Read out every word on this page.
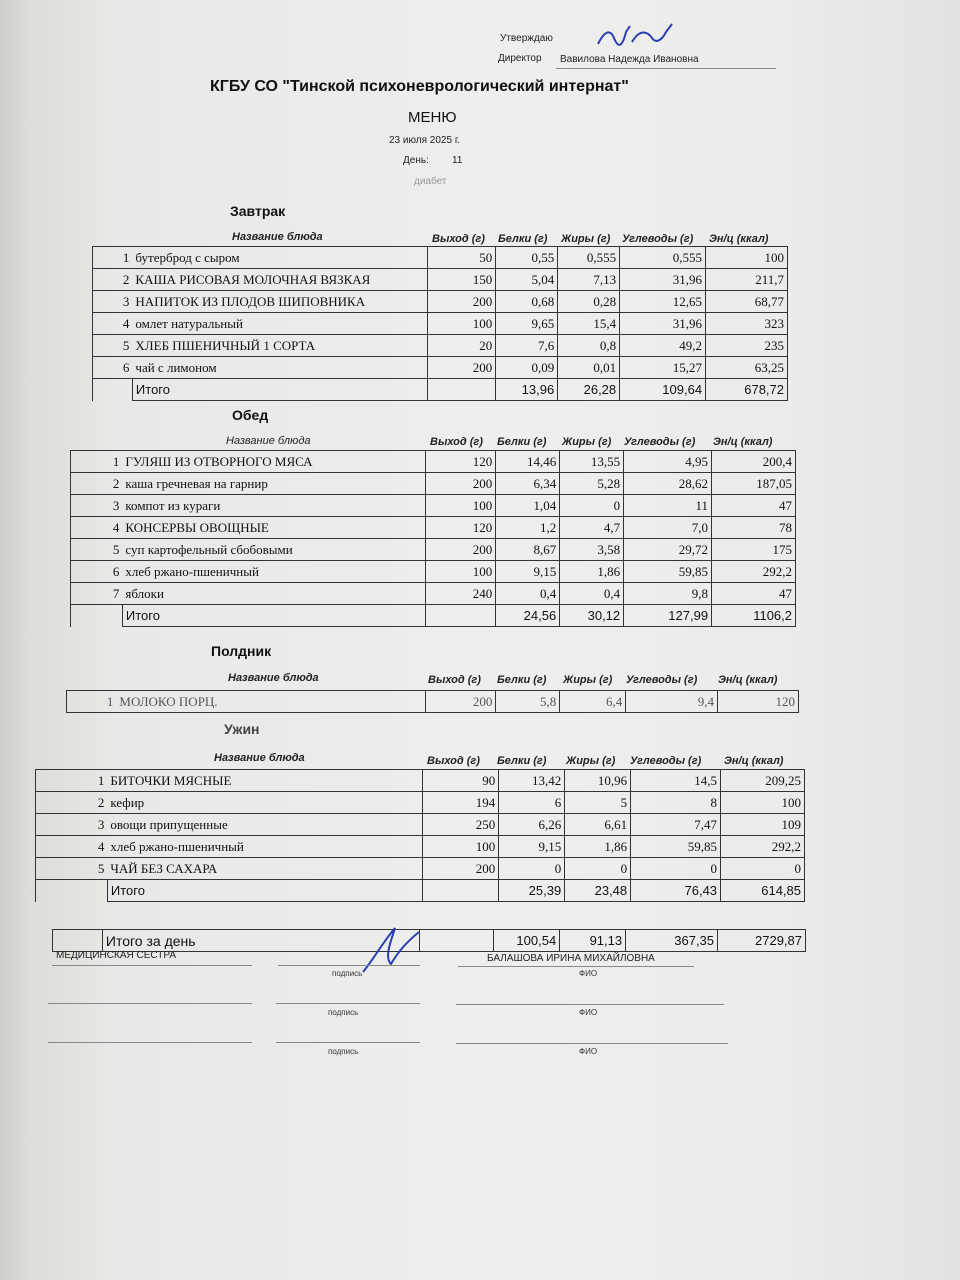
Утверждаю
Директор Вавилова Надежда Ивановна
КГБУ СО "Тинской психоневрологический интернат"
МЕНЮ
23 июля 2025 г.
День: 11
диабет
Завтрак
Название блюда	Выход (г) Белки (г) Жиры (г) Углеводы (г) Эн/ц (ккал)
1	бутерброд с сыром	50	0,55	0,555	0,555	100
2	КАША РИСОВАЯ МОЛОЧНАЯ ВЯЗКАЯ	150	5,04	7,13	31,96	211,7
3	НАПИТОК ИЗ ПЛОДОВ ШИПОВНИКА	200	0,68	0,28	12,65	68,77
4	омлет натуральный	100	9,65	15,4	31,96	323
5	ХЛЕБ ПШЕНИЧНЫЙ 1 СОРТА	20	7,6	0,8	49,2	235
6	чай с лимоном	200	0,09	0,01	15,27	63,25
	Итого		13,96	26,28	109,64	678,72
Обед
Название блюда	Выход (г) Белки (г) Жиры (г) Углеводы (г) Эн/ц (ккал)
1	ГУЛЯШ ИЗ ОТВОРНОГО МЯСА	120	14,46	13,55	4,95	200,4
2	каша гречневая на гарнир	200	6,34	5,28	28,62	187,05
3	компот из кураги	100	1,04	0	11	47
4	КОНСЕРВЫ ОВОЩНЫЕ	120	1,2	4,7	7,0	78
5	суп картофельный сбобовыми	200	8,67	3,58	29,72	175
6	хлеб ржано-пшеничный	100	9,15	1,86	59,85	292,2
7	яблоки	240	0,4	0,4	9,8	47
	Итого		24,56	30,12	127,99	1106,2
Полдник
Название блюда	Выход (г) Белки (г) Жиры (г) Углеводы (г) Эн/ц (ккал)
1	МОЛОКО ПОРЦ.	200	5,8	6,4	9,4	120
Ужин
Название блюда	Выход (г) Белки (г) Жиры (г) Углеводы (г) Эн/ц (ккал)
1	БИТОЧКИ МЯСНЫЕ	90	13,42	10,96	14,5	209,25
2	кефир	194	6	5	8	100
3	овощи припущенные	250	6,26	6,61	7,47	109
4	хлеб ржано-пшеничный	100	9,15	1,86	59,85	292,2
5	ЧАЙ БЕЗ САХАРА	200	0	0	0	0
	Итого		25,39	23,48	76,43	614,85
	Итого за день		100,54	91,13	367,35	2729,87
МЕДИЦИНСКАЯ СЕСТРА	БАЛАШОВА ИРИНА МИХАЙЛОВНА
подпись	ФИО
подпись	ФИО
подпись	ФИО
